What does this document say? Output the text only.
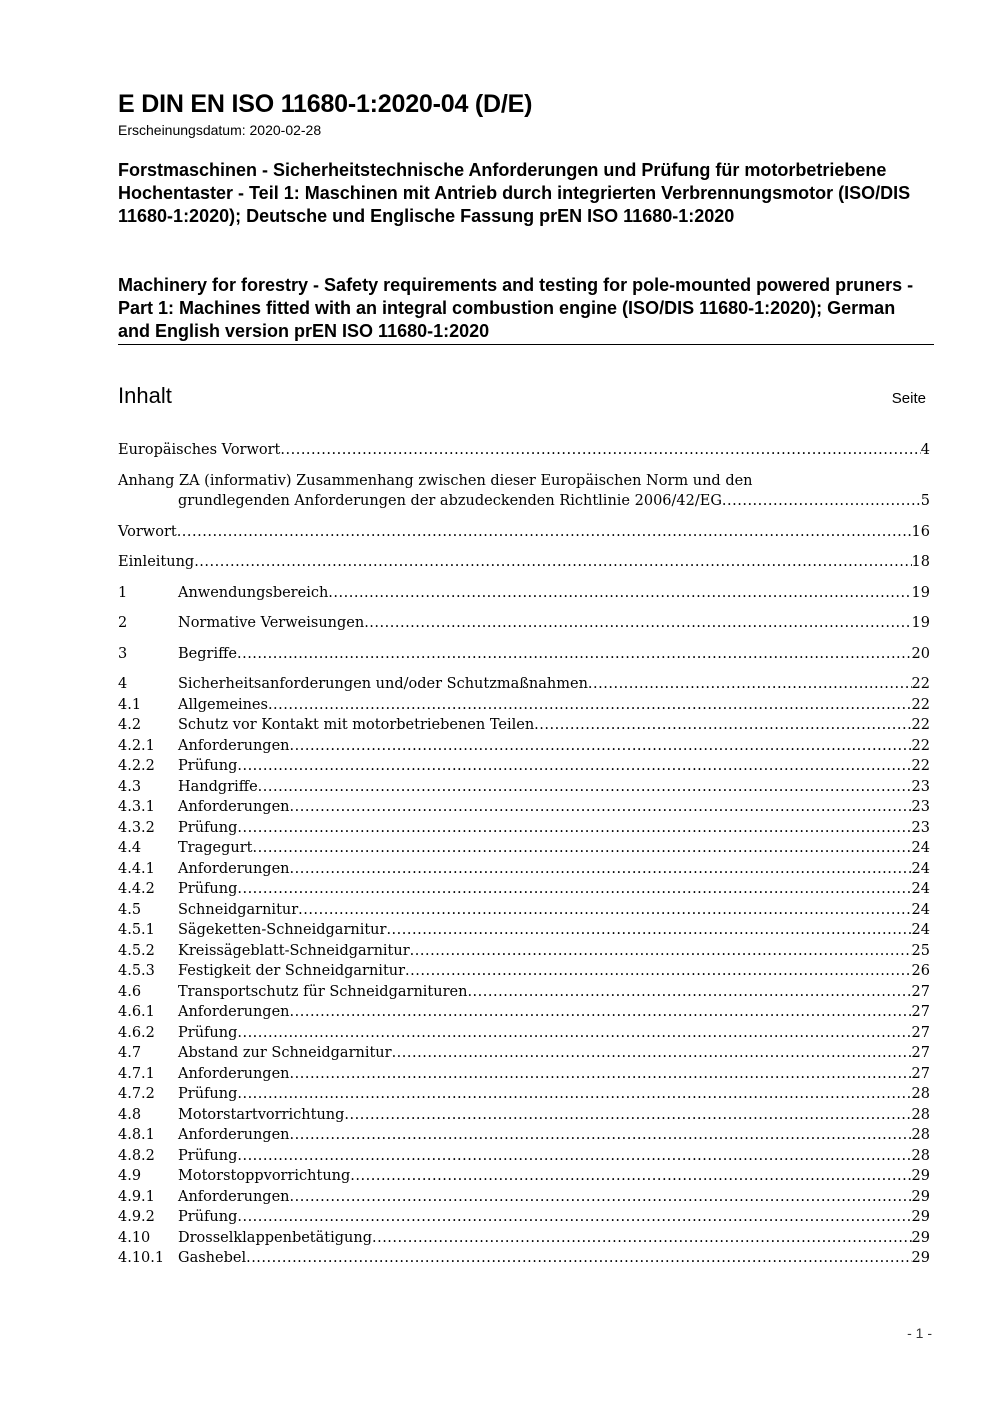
E DIN EN ISO 11680-1:2020-04 (D/E)
Erscheinungsdatum: 2020-02-28
Forstmaschinen - Sicherheitstechnische Anforderungen und Prüfung für motorbetriebene Hochentaster - Teil 1: Maschinen mit Antrieb durch integrierten Verbrennungsmotor (ISO/DIS 11680-1:2020); Deutsche und Englische Fassung prEN ISO 11680-1:2020
Machinery for forestry - Safety requirements and testing for pole-mounted powered pruners - Part 1: Machines fitted with an integral combustion engine (ISO/DIS 11680-1:2020); German and English version prEN ISO 11680-1:2020
Inhalt	Seite
Europäisches Vorwort .....	4
Anhang ZA (informativ) Zusammenhang zwischen dieser Europäischen Norm und den
grundlegenden Anforderungen der abzudeckenden Richtlinie 2006/42/EG .....	5
Vorwort .....	16
Einleitung .....	18
1	Anwendungsbereich .....	19
2	Normative Verweisungen .....	19
3	Begriffe .....	20
4	Sicherheitsanforderungen und/oder Schutzmaßnahmen .....	22
4.1	Allgemeines .....	22
4.2	Schutz vor Kontakt mit motorbetriebenen Teilen .....	22
4.2.1	Anforderungen .....	22
4.2.2	Prüfung .....	22
4.3	Handgriffe .....	23
4.3.1	Anforderungen .....	23
4.3.2	Prüfung .....	23
4.4	Tragegurt .....	24
4.4.1	Anforderungen .....	24
4.4.2	Prüfung .....	24
4.5	Schneidgarnitur .....	24
4.5.1	Sägeketten-Schneidgarnitur .....	24
4.5.2	Kreissägeblatt-Schneidgarnitur .....	25
4.5.3	Festigkeit der Schneidgarnitur .....	26
4.6	Transportschutz für Schneidgarnituren .....	27
4.6.1	Anforderungen .....	27
4.6.2	Prüfung .....	27
4.7	Abstand zur Schneidgarnitur .....	27
4.7.1	Anforderungen .....	27
4.7.2	Prüfung .....	28
4.8	Motorstartvorrichtung .....	28
4.8.1	Anforderungen .....	28
4.8.2	Prüfung .....	28
4.9	Motorstoppvorrichtung .....	29
4.9.1	Anforderungen .....	29
4.9.2	Prüfung .....	29
4.10	Drosselklappenbetätigung .....	29
4.10.1 Gashebel .....	29
- 1 -
